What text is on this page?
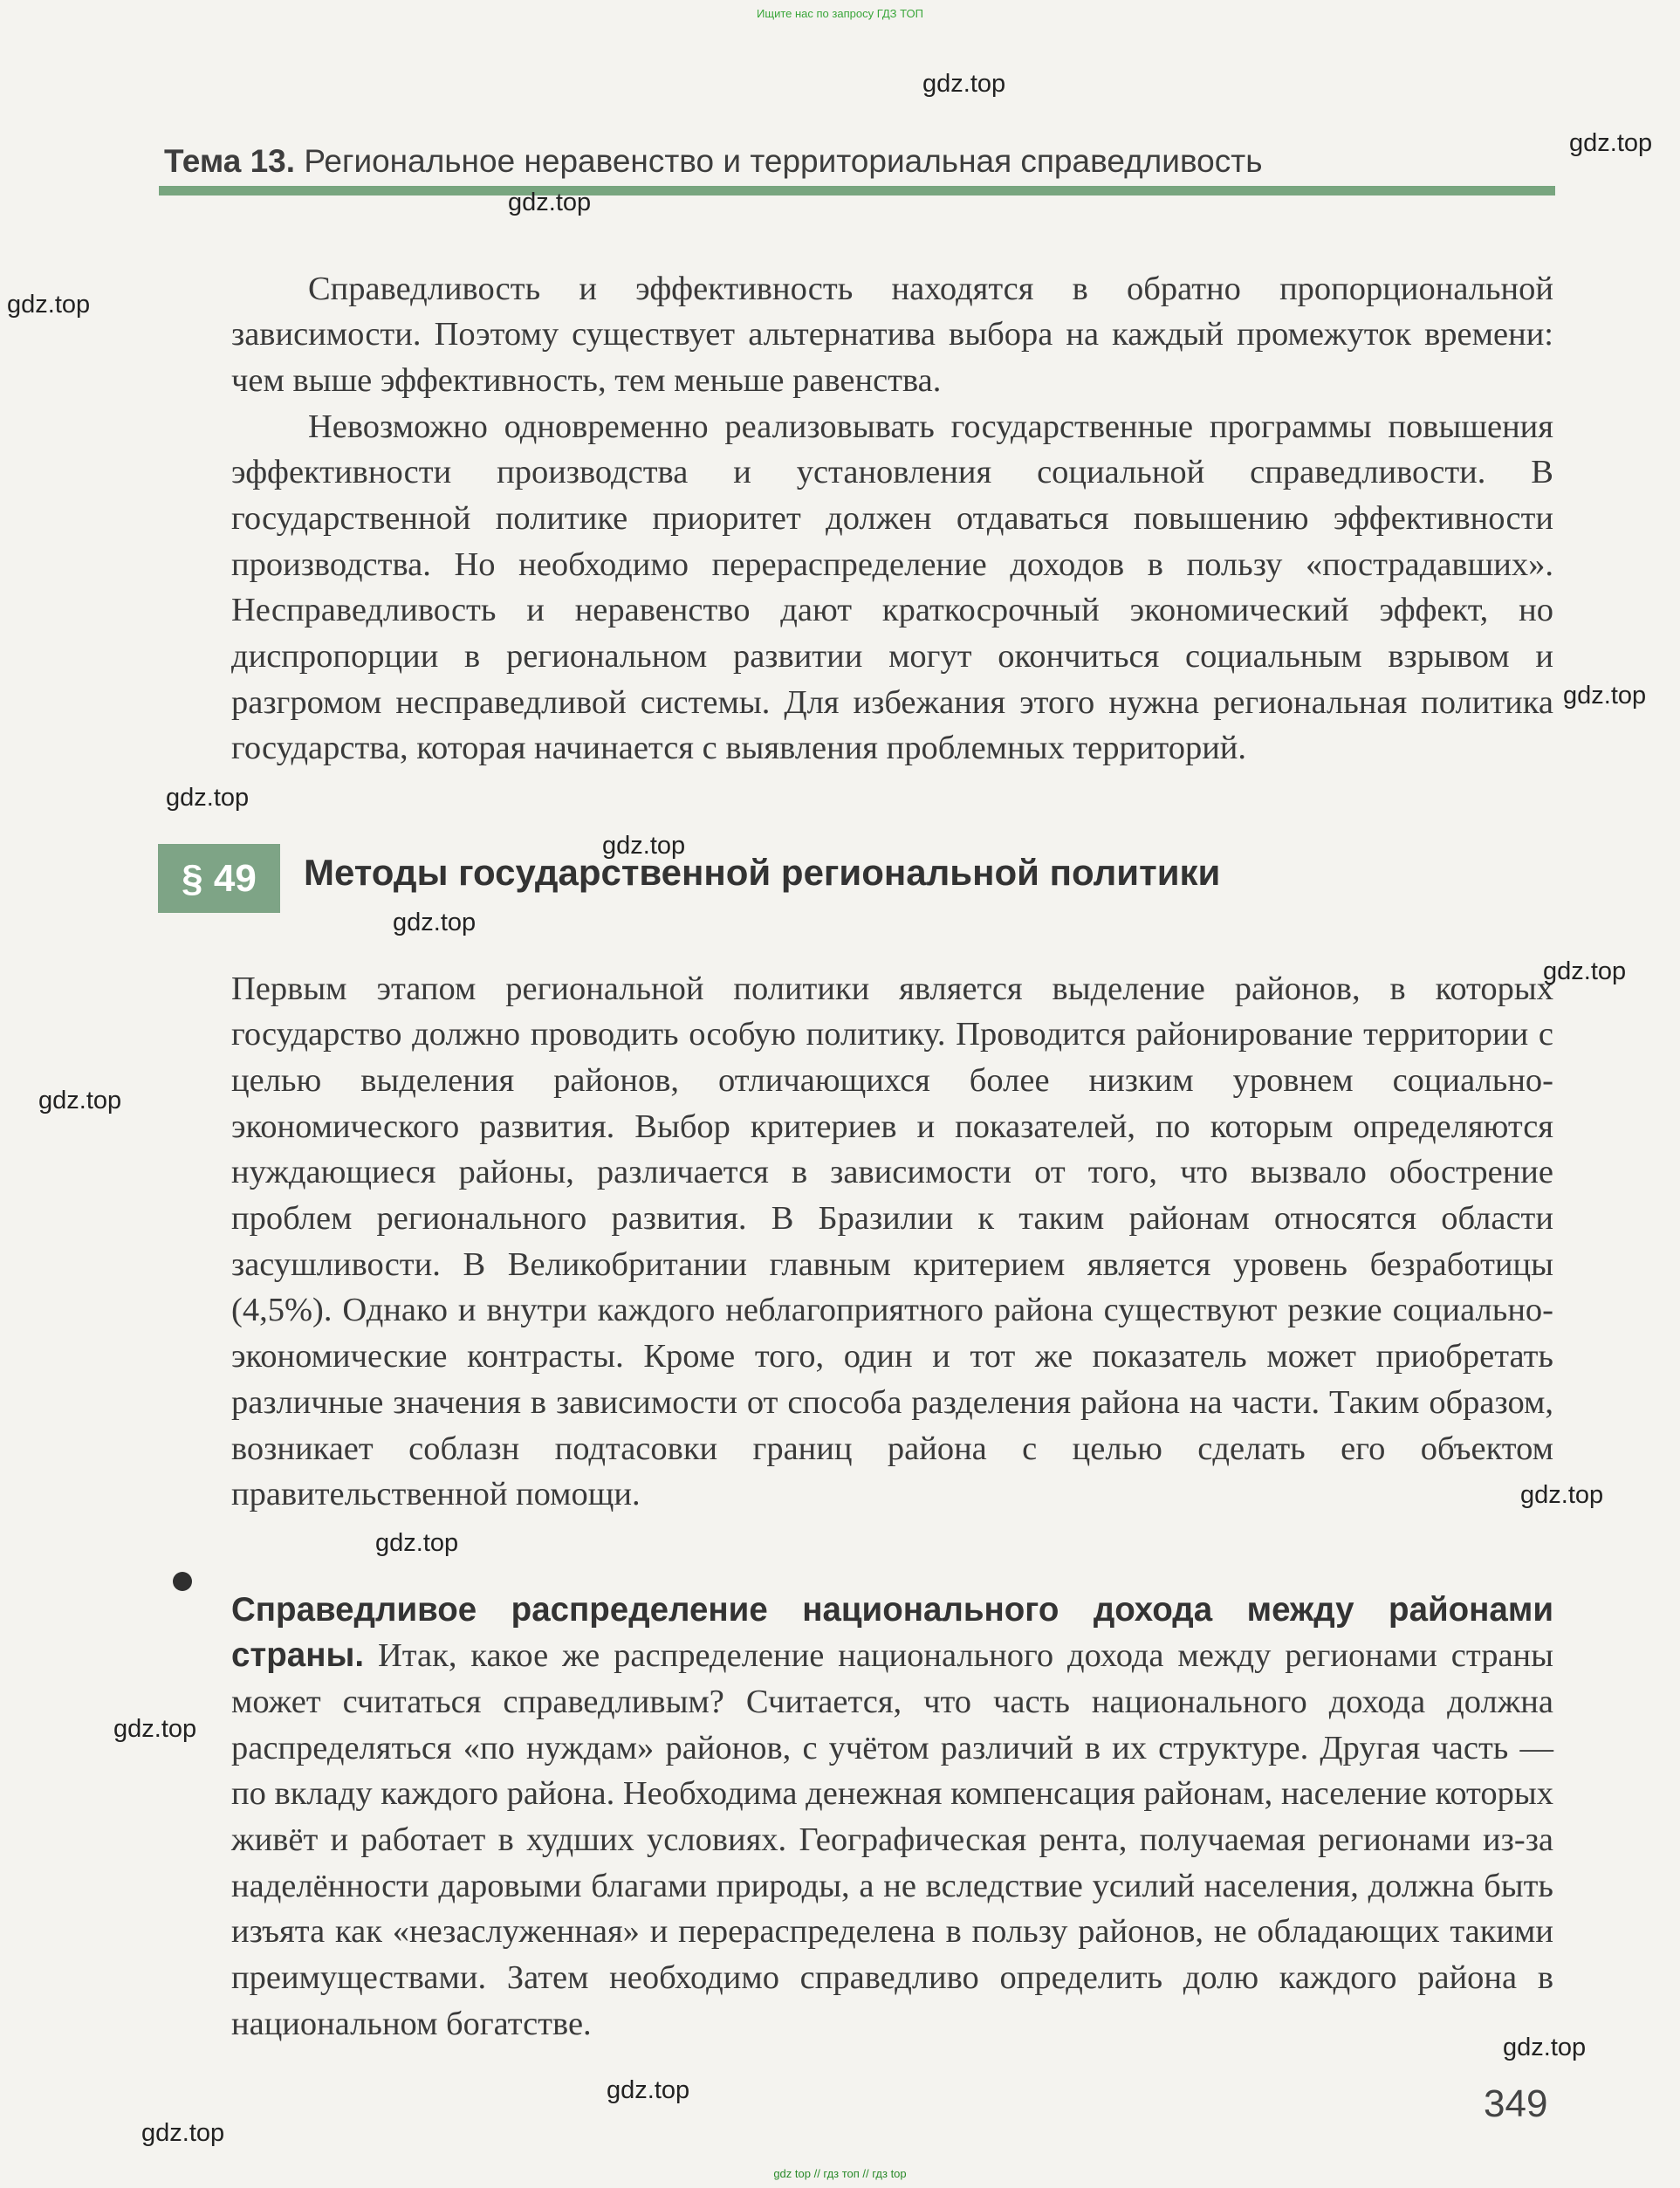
Ищите нас по запросу ГДЗ ТОП
Тема 13. Региональное неравенство и территориальная справедливость

Справедливость и эффективность находятся в обратно пропорциональной зависимости. Поэтому существует альтернатива выбора на каждый промежуток времени: чем выше эффективность, тем меньше равенства.

Невозможно одновременно реализовывать государственные программы повышения эффективности производства и установления социальной справедливости. В государственной политике приоритет должен отдаваться повышению эффективности производства. Но необходимо перераспределение доходов в пользу «пострадавших». Несправедливость и неравенство дают краткосрочный экономический эффект, но диспропорции в региональном развитии могут окончиться социальным взрывом и разгромом несправедливой системы. Для избежания этого нужна региональная политика государства, которая начинается с выявления проблемных территорий.

§ 49	Методы государственной региональной политики

Первым этапом региональной политики является выделение районов, в которых государство должно проводить особую политику. Проводится районирование территории с целью выделения районов, отличающихся более низким уровнем социально-экономического развития. Выбор критериев и показателей, по которым определяются нуждающиеся районы, различается в зависимости от того, что вызвало обострение проблем регионального развития. В Бразилии к таким районам относятся области засушливости. В Великобритании главным критерием является уровень безработицы (4,5%). Однако и внутри каждого неблагоприятного района существуют резкие социально-экономические контрасты. Кроме того, один и тот же показатель может приобретать различные значения в зависимости от способа разделения района на части. Таким образом, возникает соблазн подтасовки границ района с целью сделать его объектом правительственной помощи.

Справедливое распределение национального дохода между районами страны. Итак, какое же распределение национального дохода между регионами страны может считаться справедливым? Считается, что часть национального дохода должна распределяться «по нуждам» районов, с учётом различий в их структуре. Другая часть — по вкладу каждого района. Необходима денежная компенсация районам, население которых живёт и работает в худших условиях. Географическая рента, получаемая регионами из-за наделённости даровыми благами природы, а не вследствие усилий населения, должна быть изъята как «незаслуженная» и перераспределена в пользу районов, не обладающих такими преимуществами. Затем необходимо справедливо определить долю каждого района в национальном богатстве.

349
gdz top // гдз топ // гдз top
gdz.top
gdz.top
gdz.top
gdz.top
gdz.top
gdz.top
gdz.top
gdz.top
gdz.top
gdz.top
gdz.top
gdz.top
gdz.top
gdz.top
gdz.top
gdz.top
